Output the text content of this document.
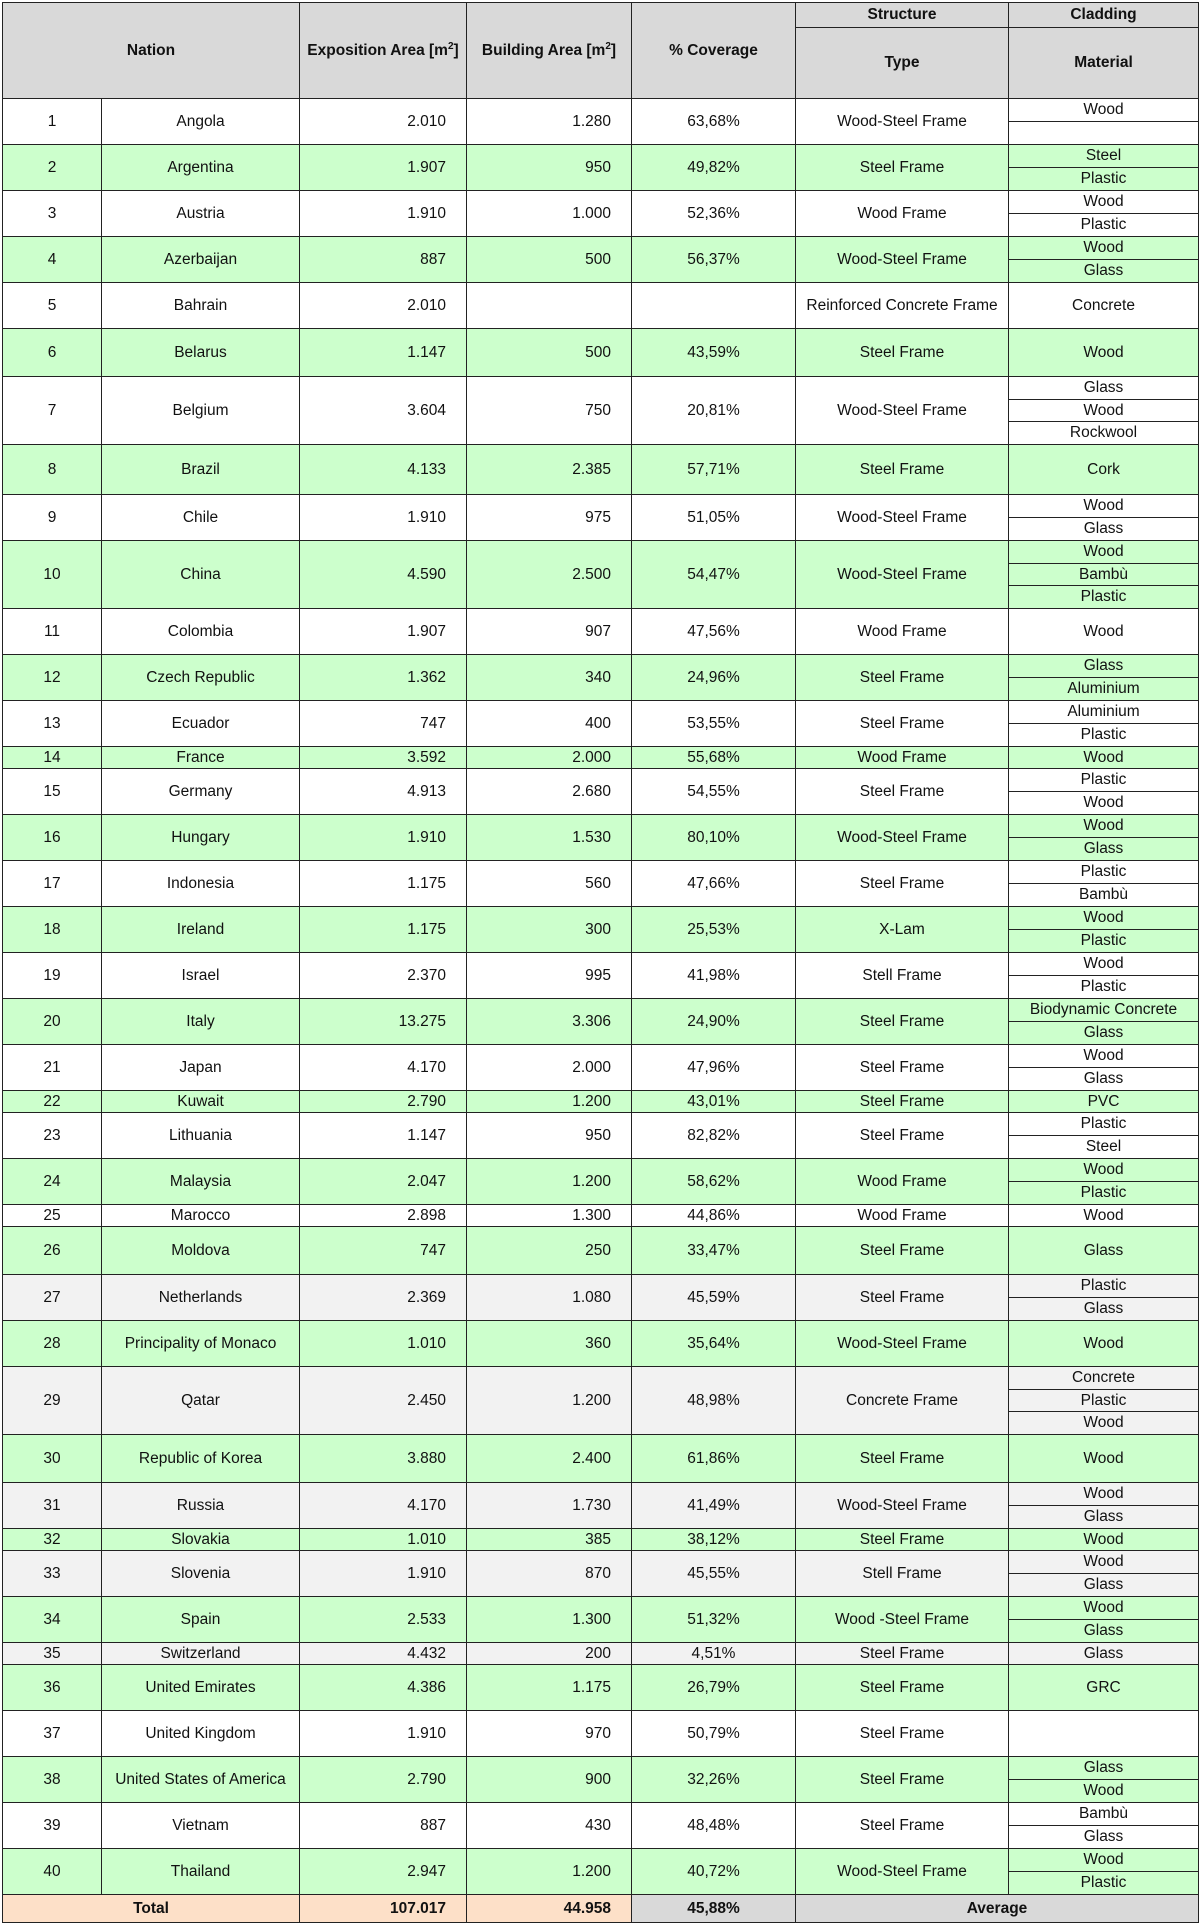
Nation		Exposition Area $[m^2]$	Building Area $[m^2]$	% Coverage	Structure	Cladding
					Type	Material
1	Angola	2.010	1.280	63,68%	Wood-Steel Frame	Wood

2	Argentina	1.907	950	49,82%	Steel Frame	Steel
Plastic

3	Austria	1.910	1.000	52,36%	Wood Frame	Wood
Plastic

4	Azerbaijan	887	500	56,37%	Wood-Steel Frame	Wood
Glass

5	Bahrain	2.010			Reinforced Concrete Frame	Concrete
6	Belarus	1.147	500	43,59%	Steel Frame	Wood
7	Belgium	3.604	750	20,81%	Wood-Steel Frame	Glass
Wood
Rockwool

8	Brazil	4.133	2.385	57,71%	Steel Frame	Cork
9	Chile	1.910	975	51,05%	Wood-Steel Frame	Wood
Glass

10	China	4.590	2.500	54,47%	Wood-Steel Frame	Wood
Bambù
Plastic

11	Colombia	1.907	907	47,56%	Wood Frame	Wood
12	Czech Republic	1.362	340	24,96%	Steel Frame	Glass
Aluminium

13	Ecuador	747	400	53,55%	Steel Frame	Aluminium
Plastic

14	France	3.592	2.000	55,68%	Wood Frame	Wood
15	Germany	4.913	2.680	54,55%	Steel Frame	Plastic
Wood

16	Hungary	1.910	1.530	80,10%	Wood-Steel Frame	Wood
Glass

17	Indonesia	1.175	560	47,66%	Steel Frame	Plastic
Bambù

18	Ireland	1.175	300	25,53%	X-Lam	Wood
Plastic

19	Israel	2.370	995	41,98%	Stell Frame	Wood
Plastic

20	Italy	13.275	3.306	24,90%	Steel Frame	Biodynamic Concrete
Glass

21	Japan	4.170	2.000	47,96%	Steel Frame	Wood
Glass

22	Kuwait	2.790	1.200	43,01%	Steel Frame	PVC
23	Lithuania	1.147	950	82,82%	Steel Frame	Plastic
Steel

24	Malaysia	2.047	1.200	58,62%	Wood Frame	Wood
Plastic

25	Marocco	2.898	1.300	44,86%	Wood Frame	Wood
26	Moldova	747	250	33,47%	Steel Frame	Glass
27	Netherlands	2.369	1.080	45,59%	Steel Frame	Plastic
Glass

28	Principality of Monaco	1.010	360	35,64%	Wood-Steel Frame	Wood
29	Qatar	2.450	1.200	48,98%	Concrete Frame	Concrete
Plastic
Wood

30	Republic of Korea	3.880	2.400	61,86%	Steel Frame	Wood
31	Russia	4.170	1.730	41,49%	Wood-Steel Frame	Wood
Glass

32	Slovakia	1.010	385	38,12%	Steel Frame	Wood
33	Slovenia	1.910	870	45,55%	Stell Frame	Wood
Glass

34	Spain	2.533	1.300	51,32%	Wood -Steel Frame	Wood
Glass

35	Switzerland	4.432	200	4,51%	Steel Frame	Glass
36	United Emirates	4.386	1.175	26,79%	Steel Frame	GRC
37	United Kingdom	1.910	970	50,79%	Steel Frame	
38	United States of America	2.790	900	32,26%	Steel Frame	Glass
Wood

39	Vietnam	887	430	48,48%	Steel Frame	Bambù
Glass

40	Thailand	2.947	1.200	40,72%	Wood-Steel Frame	Wood
Plastic

Total		107.017	44.958	45,88%	Average	
